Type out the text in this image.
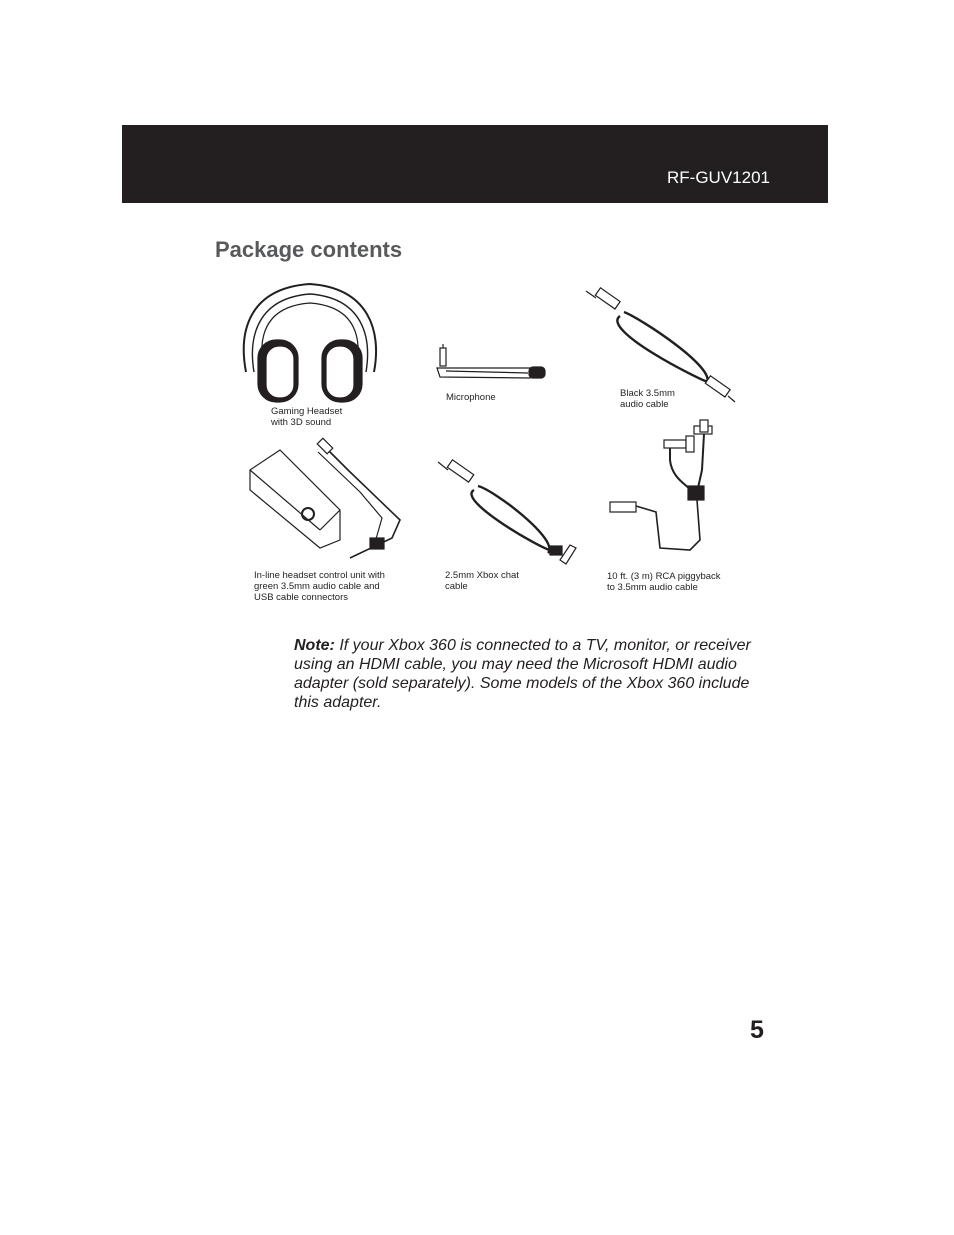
RF-GUV1201
Package contents
Gaming Headset
with 3D sound
Microphone	Black 3.5mm
audio cable
In-line headset control unit with
green 3.5mm audio cable and
USB cable connectors
2.5mm Xbox chat
cable
10 ft. (3 m) RCA piggyback
to 3.5mm audio cable
Note: If your Xbox 360 is connected to a TV, monitor, or receiver using an HDMI cable, you may need the Microsoft HDMI audio adapter (sold separately). Some models of the Xbox 360 include this adapter.
5
